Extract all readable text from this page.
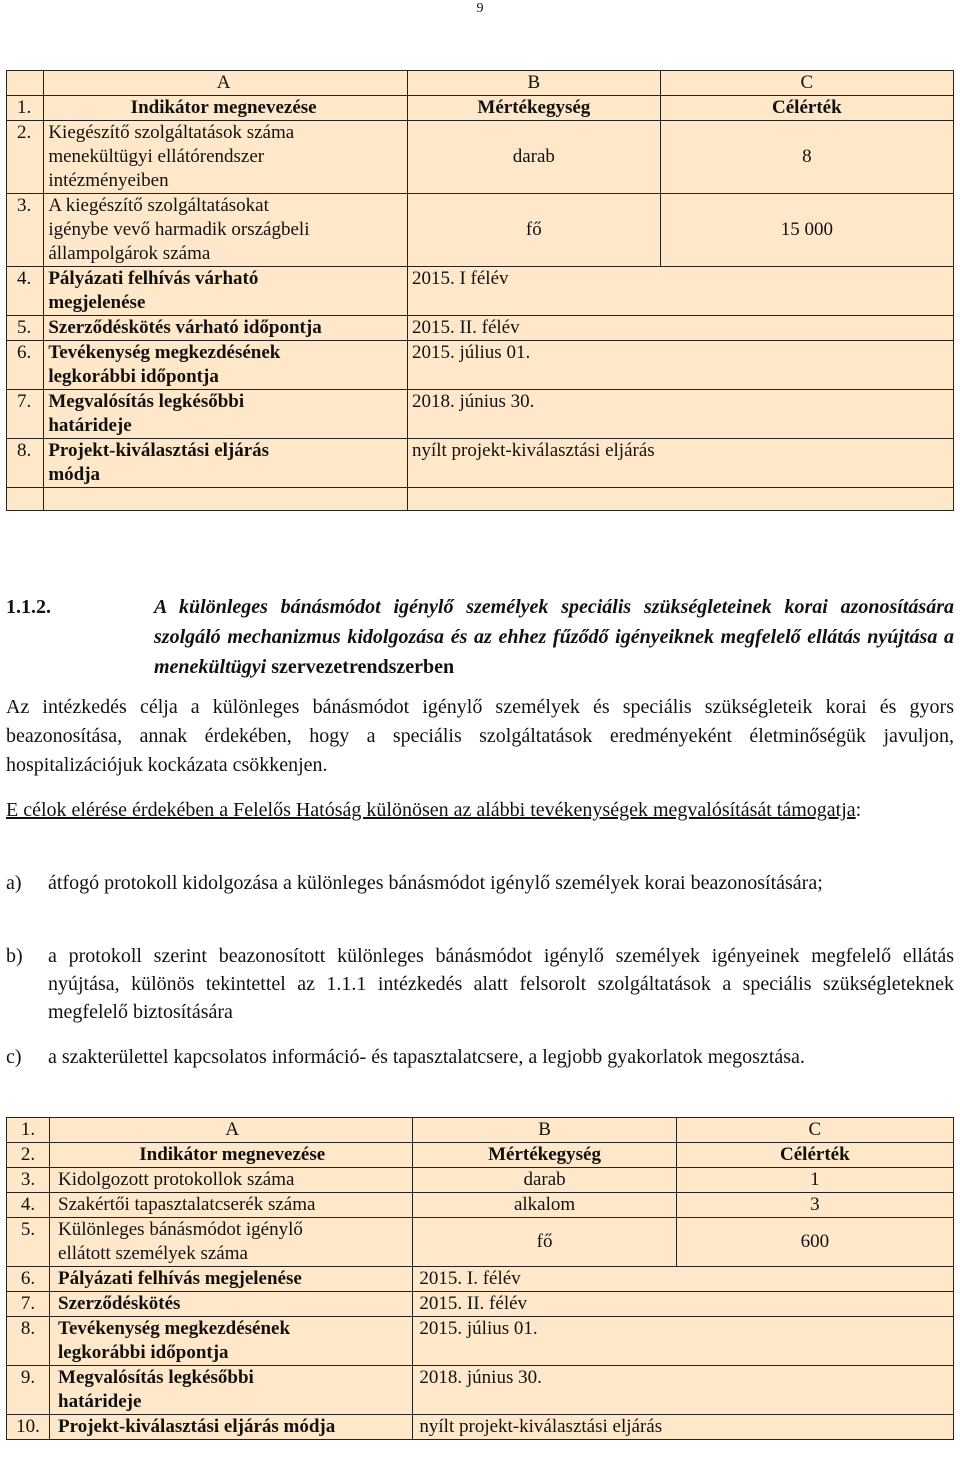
9
	A	B	C
1.	Indikátor megnevezése	Mértékegység	Célérték
2.	Kiegészítő szolgáltatások száma
menekültügyi ellátórendszer
intézményeiben	darab	8
3.	A kiegészítő szolgáltatásokat
igénybe vevő harmadik országbeli
állampolgárok száma	fő	15 000
4.	Pályázati felhívás várható
megjelenése	2015. I félév	
5.	Szerződéskötés várható időpontja	2015. II. félév	
6.	Tevékenység megkezdésének
legkorábbi időpontja	2015. július 01.	
7.	Megvalósítás legkésőbbi
határideje	2018. június 30.	
8.	Projekt-kiválasztási eljárás
módja	nyílt projekt-kiválasztási eljárás	

1.1.2.	A különleges bánásmódot igénylő személyek speciális szükségleteinek korai azonosítására szolgáló mechanizmus kidolgozása és az ehhez fűződő igényeiknek megfelelő ellátás nyújtása a menekültügyi szervezetrendszerben
Az intézkedés célja a különleges bánásmódot igénylő személyek és speciális szükségleteik korai és gyors beazonosítása, annak érdekében, hogy a speciális szolgáltatások eredményeként életminőségük javuljon, hospitalizációjuk kockázata csökkenjen.
E célok elérése érdekében a Felelős Hatóság különösen az alábbi tevékenységek megvalósítását támogatja:
a) átfogó protokoll kidolgozása a különleges bánásmódot igénylő személyek korai beazonosítására;
b) a protokoll szerint beazonosított különleges bánásmódot igénylő személyek igényeinek megfelelő ellátás nyújtása, különös tekintettel az 1.1.1 intézkedés alatt felsorolt szolgáltatások a speciális szükségleteknek megfelelő biztosítására
c) a szakterülettel kapcsolatos információ- és tapasztalatcsere, a legjobb gyakorlatok megosztása.
1.	A	B	C
2.	Indikátor megnevezése	Mértékegység	Célérték
3.	Kidolgozott protokollok száma	darab	1
4.	Szakértői tapasztalatcserék száma	alkalom	3
5.	Különleges bánásmódot igénylő
ellátott személyek száma	fő	600
6.	Pályázati felhívás megjelenése	2015. I. félév	
7.	Szerződéskötés	2015. II. félév	
8.	Tevékenység megkezdésének
legkorábbi időpontja	2015. július 01.	
9.	Megvalósítás legkésőbbi
határideje	2018. június 30.	
10.	Projekt-kiválasztási eljárás módja	nyílt projekt-kiválasztási eljárás	
